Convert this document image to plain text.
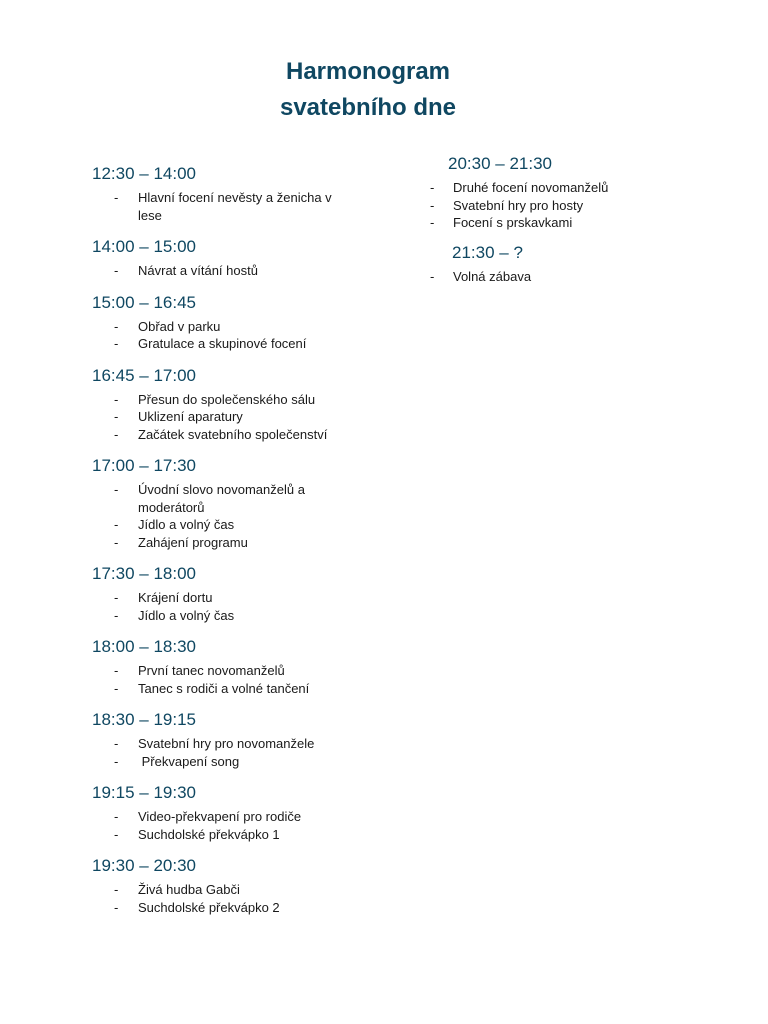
Harmonogram
svatebního dne
12:30 – 14:00
- Hlavní focení nevěsty a ženicha v lese
14:00 – 15:00
- Návrat a vítání hostů
15:00 – 16:45
- Obřad v parku
- Gratulace a skupinové focení
16:45 – 17:00
- Přesun do společenského sálu
- Uklizení aparatury
- Začátek svatebního společenství
17:00 – 17:30
- Úvodní slovo novomanželů a moderátorů
- Jídlo a volný čas
- Zahájení programu
17:30 – 18:00
- Krájení dortu
- Jídlo a volný čas
18:00 – 18:30
- První tanec novomanželů
- Tanec s rodiči a volné tančení
18:30 – 19:15
- Svatební hry pro novomanžele
- Překvapení song
19:15 – 19:30
- Video-překvapení pro rodiče
- Suchdolské překvápko 1
19:30 – 20:30
- Živá hudba Gabči
- Suchdolské překvápko 2
20:30 – 21:30
- Druhé focení novomanželů
- Svatební hry pro hosty
- Focení s prskavkami
21:30 – ?
- Volná zábava
